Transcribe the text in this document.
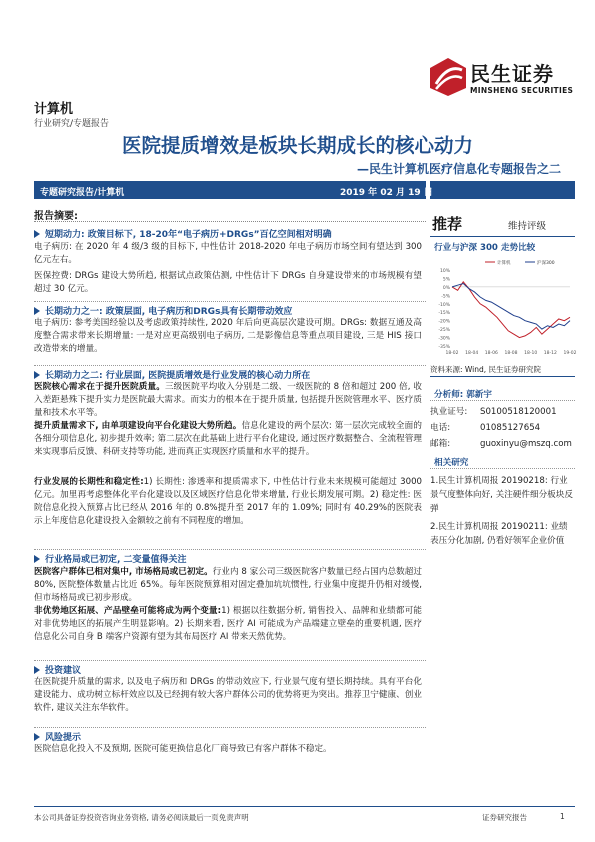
民生证券
MINSHENG SECURITIES
计算机
行业研究/专题报告
医院提质增效是板块长期成长的核心动力
—民生计算机医疗信息化专题报告之二
专题研究报告/计算机	2019 年 02 月 19 日
报告摘要:
短期动力: 政策目标下, 18-20年“电子病历+DRGs”百亿空间相对明确

电子病历: 在 2020 年 4 级/3 级的目标下, 中性估计 2018-2020 年电子病历市场空间有望达到 300 亿元左右。

医保控费: DRGs 建设大势所趋, 根据试点政策估测, 中性估计下 DRGs 自身建设带来的市场规模有望超过 30 亿元。

长期动力之一: 政策层面, 电子病历和DRGs具有长期带动效应

电子病历: 参考美国经验以及考虑政策持续性, 2020 年后向更高层次建设可期。DRGs: 数据互通及高度整合需求带来长期增量: 一是对应更高级别电子病历, 二是影像信息等重点项目建设, 三是 HIS 接口改造带来的增量。

长期动力之二: 行业层面, 医院提质增效是行业发展的核心动力所在

医院核心需求在于提升医院质量。三级医院平均收入分别是二级、一级医院的 8 倍和超过 200 倍, 收入差距悬殊下提升实力是医院最大需求。而实力的根本在于提升质量, 包括提升医院管理水平、医疗质量和技术水平等。

提升质量需求下, 由单项建设向平台化建设大势所趋。信息化建设的两个层次: 第一层次完成较全面的各细分项信息化, 初步提升效率; 第二层次在此基础上进行平台化建设, 通过医疗数据整合、全流程管理来实现事后反馈、科研支持等功能, 进而真正实现医疗质量和水平的提升。

行业发展的长期性和稳定性:1) 长期性: 渗透率和提质需求下, 中性估计行业未来规模可能超过 3000 亿元。加里再考虑整体化平台化建设以及区域医疗信息化带来增量, 行业长期发展可期。2) 稳定性: 医院信息化投入预算占比已经从 2016 年的 0.8%提升至 2017 年的 1.09%; 同时有 40.29%的医院表示上年度信息化建设投入金额较之前有不同程度的增加。

行业格局或已初定, 二变量值得关注

医院客户群体已相对集中, 市场格局或已初定。行业内 8 家公司三级医院客户数量已经占国内总数超过 80%, 医院整体数量占比近 65%。每年医院预算相对固定叠加坑坑惯性, 行业集中度提升仍相对缓慢, 但市场格局或已初步形成。

非优势地区拓展、产品壁垒可能将成为两个变量:1) 根据以往数据分析, 销售投入、品牌和业绩都可能对非优势地区的拓展产生明显影响。2) 长期来看, 医疗 AI 可能成为产品端建立壁垒的重要机遇, 医疗信息化公司自身 B 端客户资源有望为其布局医疗 AI 带来天然优势。

投资建议

在医院提升质量的需求, 以及电子病历和 DRGs 的带动效应下, 行业景气度有望长期持续。具有平台化建设能力、成功树立标杆效应以及已经拥有较大客户群体公司的优势将更为突出。推荐卫宁健康、创业软件, 建议关注东华软件。

风险提示

医院信息化投入不及预期, 医院可能更换信息化厂商导致已有客户群体不稳定。

推荐	维持评级
行业与沪深 300 走势比较
10%
5%
0%
-5%
-10%
-15%
-20%
-25%
-30%
-35%
18-02 18-04 18-06 18-08 18-10 18-12 19-02
计算机	沪深300
资料来源: Wind, 民生证券研究院
分析师: 郭新宇
执业证号:	S0100518120001
电话:	01085127654
邮箱:	guoxinyu@mszq.com
相关研究
1.民生计算机周报 20190218: 行业景气度整体向好, 关注硬件细分板块反弹
2.民生计算机周报 20190211: 业绩表压分化加剧, 仍看好领军企业价值
本公司具备证券投资咨询业务资格, 请务必阅读最后一页免责声明	证券研究报告	1
